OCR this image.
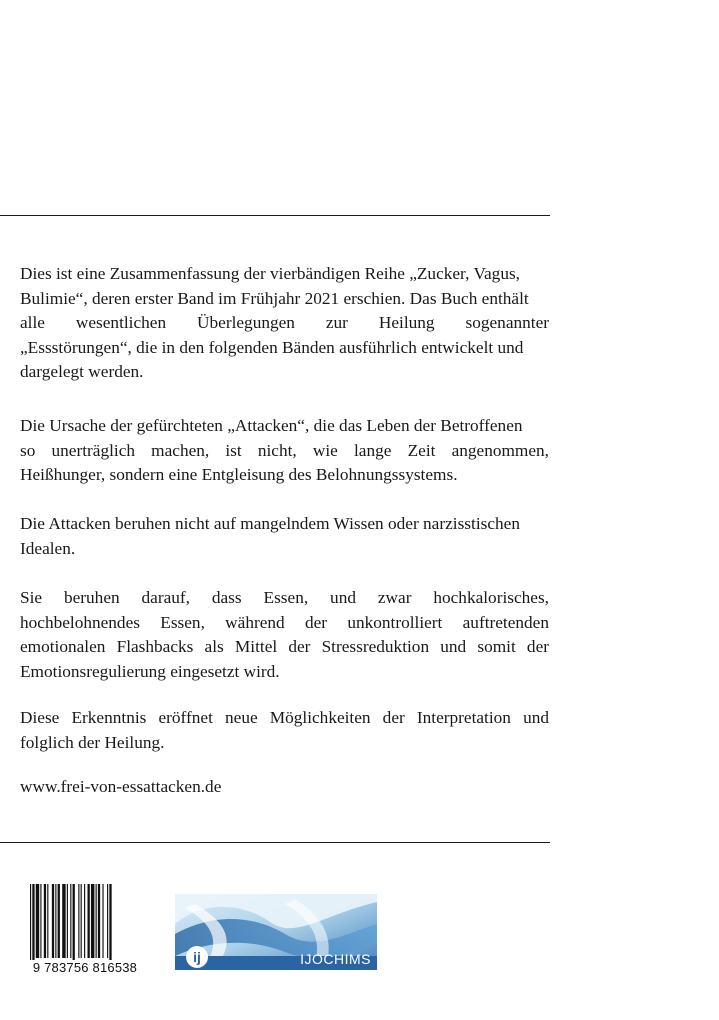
Dies ist eine Zusammenfassung der vierbändigen Reihe „Zucker, Vagus,

Bulimie“, deren erster Band im Frühjahr 2021 erschien. Das Buch enthält

alle wesentlichen Überlegungen zur Heilung sogenannter

„Essstörungen“, die in den folgenden Bänden ausführlich entwickelt und

dargelegt werden.

Die Ursache der gefürchteten „Attacken“, die das Leben der Betroffenen

so unerträglich machen, ist nicht, wie lange Zeit angenommen,

Heißhunger, sondern eine Entgleisung des Belohnungssystems.

Die Attacken beruhen nicht auf mangelndem Wissen oder narzisstischen

Idealen.

Sie beruhen darauf, dass Essen, und zwar hochkalorisches,

hochbelohnendes Essen, während der unkontrolliert auftretenden

emotionalen Flashbacks als Mittel der Stressreduktion und somit der

Emotionsregulierung eingesetzt wird.

Diese Erkenntnis eröffnet neue Möglichkeiten der Interpretation und

folglich der Heilung.

www.frei-von-essattacken.de

9 783756 816538
ij	IJOCHIMS
